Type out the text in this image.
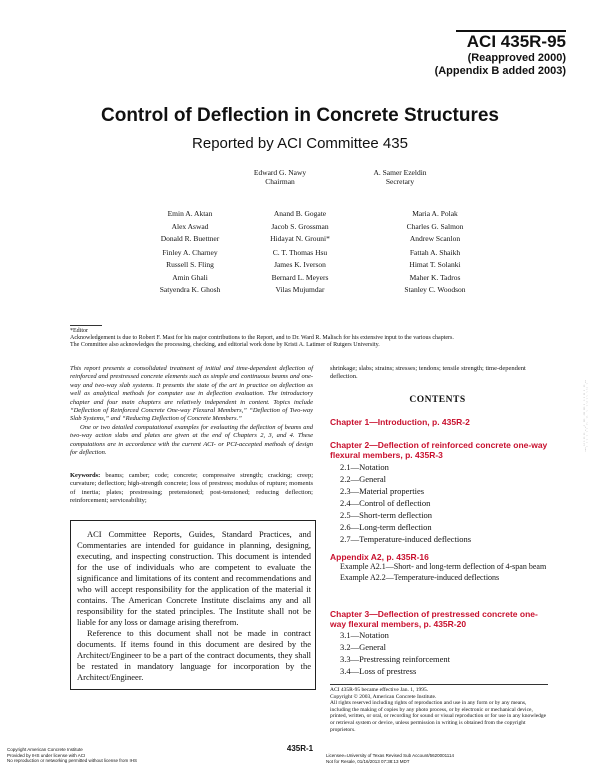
ACI 435R-95
(Reapproved 2000)
(Appendix B added 2003)
Control of Deflection in Concrete Structures
Reported by ACI Committee 435
Edward G. Nawy
Chairman
A. Samer Ezeldin
Secretary
Emin A. Aktan
Alex Aswad
Donald R. Buettner
Finley A. Charney
Russell S. Fling
Amin Ghali
Satyendra K. Ghosh
Anand B. Gogate
Jacob S. Grossman
Hidayat N. Grouni*
C. T. Thomas Hsu
James K. Iverson
Bernard L. Meyers
Vilas Mujumdar
Maria A. Polak
Charles G. Salmon
Andrew Scanlon
Fattah A. Shaikh
Himat T. Solanki
Maher K. Tadros
Stanley C. Woodson
*Editor
Acknowledgement is due to Robert F. Mast for his major contributions to the Report, and to Dr. Ward R. Malisch for his extensive input to the various chapters.
The Committee also acknowledges the processing, checking, and editorial work done by Kristi A. Latimer of Rutgers University.

This report presents a consolidated treatment of initial and time-dependent deflection of reinforced and prestressed concrete elements such as simple and continuous beams and one-way and two-way slab systems. It presents the state of the art in practice on deflection as well as analytical methods for computer use in deflection evaluation. The introductory chapter and four main chapters are relatively independent in content. Topics include “Deflection of Reinforced Concrete One-way Flexural Members,” “Deflection of Two-way Slab Systems,” and “Reducing Deflection of Concrete Members.”

One or two detailed computational examples for evaluating the deflection of beams and two-way action slabs and plates are given at the end of Chapters 2, 3, and 4. These computations are in accordance with the current ACI- or PCI-accepted methods of design for deflection.

Keywords: beams; camber; code; concrete; compressive strength; cracking; creep; curvature; deflection; high-strength concrete; loss of prestress; modulus of rupture; moments of inertia; plates; prestressing; pretensioned; post-tensioned; reducing deflection; reinforcement; serviceability;

ACI Committee Reports, Guides, Standard Practices, and Commentaries are intended for guidance in planning, designing, executing, and inspecting construction. This document is intended for the use of individuals who are competent to evaluate the significance and limitations of its content and recommendations and who will accept responsibility for the application of the material it contains. The American Concrete Institute disclaims any and all responsibility for the stated principles. The Institute shall not be liable for any loss or damage arising therefrom.

Reference to this document shall not be made in contract documents. If items found in this document are desired by the Architect/Engineer to be a part of the contract documents, they shall be restated in mandatory language for incorporation by the Architect/Engineer.

shrinkage; slabs; strains; stresses; tendons; tensile strength; time-dependent deflection.
CONTENTS
Chapter 1—Introduction, p. 435R-2
Chapter 2—Deflection of reinforced concrete one-way flexural members, p. 435R-3
2.1—Notation
2.2—General
2.3—Material properties
2.4—Control of deflection
2.5—Short-term deflection
2.6—Long-term deflection
2.7—Temperature-induced deflections
Appendix A2, p. 435R-16
Example A2.1—Short- and long-term deflection of 4-span beam
Example A2.2—Temperature-induced deflections
Chapter 3—Deflection of prestressed concrete one-way flexural members, p. 435R-20
3.1—Notation
3.2—General
3.3—Prestressing reinforcement
3.4—Loss of prestress
ACI 435R-95 became effective Jan. 1, 1995.
Copyright © 2003, American Concrete Institute.
All rights reserved including rights of reproduction and use in any form or by any means, including the making of copies by any photo process, or by electronic or mechanical device, printed, written, or oral, or recording for sound or visual reproduction or for use in any knowledge or retrieval system or device, unless permission in writing is obtained from the copyright proprietors.
Copyright American Concrete Institute
Provided by IHS under license with ACI
No reproduction or networking permitted without license from IHS
435R-1
Licensee=University of Texas Revised Sub Account/5620001114
Not for Resale, 01/16/2013 07:38:13 MDT
--`,,``,`,,`,`,``,`,,,`,,,``,,,``,-`-`,,`,,`,`,,`---
